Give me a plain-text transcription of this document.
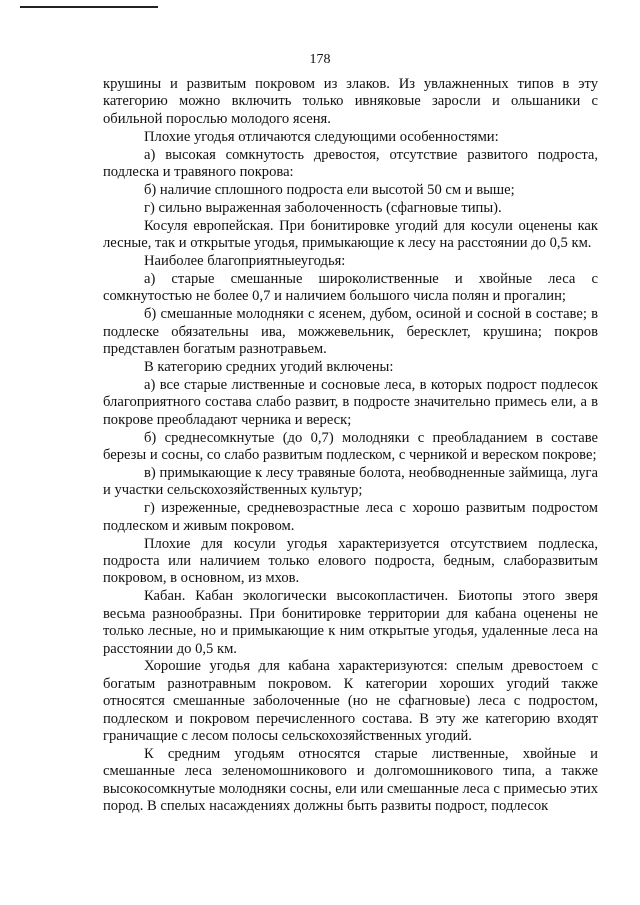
178

крушины и развитым покровом из злаков. Из увлажненных типов в эту категорию можно включить только ивняковые заросли и ольшаники с обильной порослью молодого ясеня.

Плохие угодья отличаются следующими особенностями:

а) высокая сомкнутость древостоя, отсутствие развитого подроста, подлеска и травяного покрова:

б) наличие сплошного подроста ели высотой 50 см и выше;

г) сильно выраженная заболоченность (сфагновые типы).

Косуля европейская. При бонитировке угодий для косули оценены как лесные, так и открытые угодья, примыкающие к лесу на расстоянии до 0,5 км.

Наиболее благоприятныеугодья:

а) старые смешанные широколиственные и хвойные леса с сомкнутостью не более 0,7 и наличием большого числа полян и прогалин;

б) смешанные молодняки с ясенем, дубом, осиной и сосной в составе; в подлеске обязательны ива, можжевельник, бересклет, крушина; покров представлен богатым разнотравьем.

В категорию средних угодий включены:

а) все старые лиственные и сосновые леса, в которых подрост подлесок благоприятного состава слабо развит, в подросте значительно примесь ели, а в покрове преобладают черника и вереск;

б) среднесомкнутые (до 0,7) молодняки с преобладанием в составе березы и сосны, со слабо развитым подлеском, с черникой и вереском покрове;

в) примыкающие к лесу травяные болота, необводненные займища, луга и участки сельскохозяйственных культур;

г) изреженные, средневозрастные леса с хорошо развитым подростом подлеском и живым покровом.

Плохие для косули угодья характеризуется отсутствием подлеска, подроста или наличием только елового подроста, бедным, слаборазвитым покровом, в основном, из мхов.

Кабан. Кабан экологически высокопластичен. Биотопы этого зверя весьма разнообразны. При бонитировке территории для кабана оценены не только лесные, но и примыкающие к ним открытые угодья, удаленные леса на расстоянии до 0,5 км.

Хорошие угодья для кабана характеризуются: спелым древостоем с богатым разнотравным покровом. К категории хороших угодий также относятся смешанные заболоченные (но не сфагновые) леса с подростом, подлеском и покровом перечисленного состава. В эту же категорию входят граничащие с лесом полосы сельскохозяйственных угодий.

К средним угодьям относятся старые лиственные, хвойные и смешанные леса зеленомошникового и долгомошникового типа, а также высокосомкнутые молодняки сосны, ели или смешанные леса с примесью этих пород. В спелых насаждениях должны быть развиты подрост, подлесок
